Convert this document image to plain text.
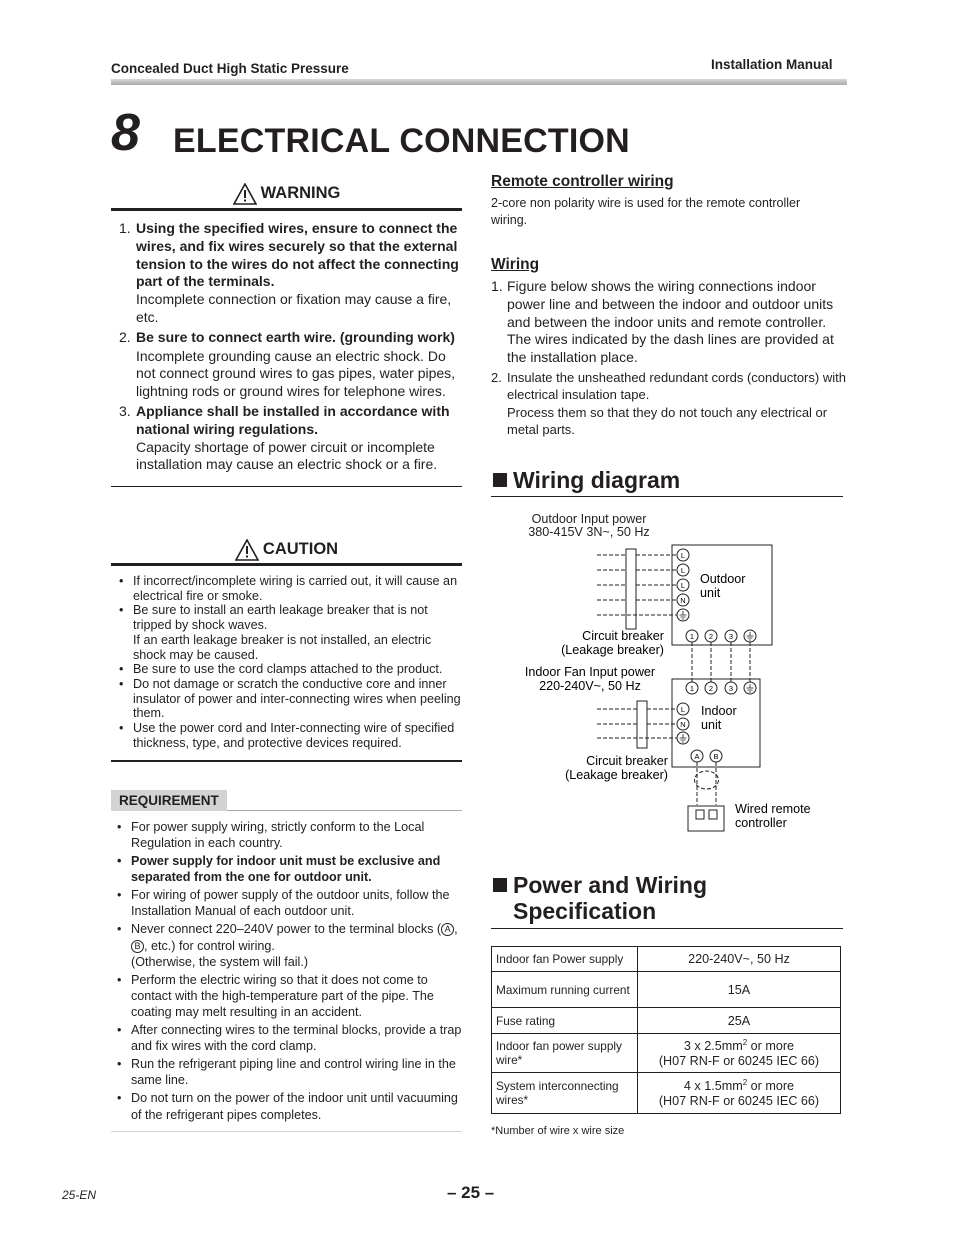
Concealed Duct High Static Pressure	Installation Manual
8 ELECTRICAL CONNECTION
WARNING
1. Using the specified wires, ensure to connect the wires, and fix wires securely so that the external tension to the wires do not affect the connecting part of the terminals.
Incomplete connection or fixation may cause a fire, etc.
2. Be sure to connect earth wire. (grounding work)
Incomplete grounding cause an electric shock. Do not connect ground wires to gas pipes, water pipes, lightning rods or ground wires for telephone wires.
3. Appliance shall be installed in accordance with national wiring regulations.
Capacity shortage of power circuit or incomplete installation may cause an electric shock or a fire.
CAUTION
• If incorrect/incomplete wiring is carried out, it will cause an electrical fire or smoke.
• Be sure to install an earth leakage breaker that is not tripped by shock waves.
If an earth leakage breaker is not installed, an electric shock may be caused.
• Be sure to use the cord clamps attached to the product.
• Do not damage or scratch the conductive core and inner insulator of power and inter-connecting wires when peeling them.
• Use the power cord and Inter-connecting wire of specified thickness, type, and protective devices required.
REQUIREMENT
• For power supply wiring, strictly conform to the Local Regulation in each country.
• Power supply for indoor unit must be exclusive and separated from the one for outdoor unit.
• For wiring of power supply of the outdoor units, follow the Installation Manual of each outdoor unit.
• Never connect 220–240V power to the terminal blocks ( A , B , etc.) for control wiring.
(Otherwise, the system will fail.)
• Perform the electric wiring so that it does not come to contact with the high-temperature part of the pipe. The coating may melt resulting in an accident.
• After connecting wires to the terminal blocks, provide a trap and fix wires with the cord clamp.
• Run the refrigerant piping line and control wiring line in the same line.
• Do not turn on the power of the indoor unit until vacuuming of the refrigerant pipes completes.
Remote controller wiring
2-core non polarity wire is used for the remote controller wiring.
Wiring
1. Figure below shows the wiring connections indoor power line and between the indoor and outdoor units and between the indoor units and remote controller. The wires indicated by the dash lines are provided at the installation place.
2. Insulate the unsheathed redundant cords (conductors) with electrical insulation tape.
Process them so that they do not touch any electrical or metal parts.
Wiring diagram
Outdoor Input power
380-415V 3N~, 50 Hz
Outdoor
unit
L
L
L
N
1 2 3
Circuit breaker
(Leakage breaker)
Indoor Fan Input power
220-240V~, 50 Hz
Indoor
unit
1 2 3
L
N
A B
Circuit breaker
(Leakage breaker)
Wired remote
controller
Power and Wiring
Specification
Indoor fan Power supply	220-240V~, 50 Hz
Maximum running current	15A
Fuse rating	25A
Indoor fan power supply wire*	3 x $2.5mm^2$ or more
(H07 RN-F or 60245 IEC 66)
System interconnecting wires*	4 x $1.5mm^2$ or more
(H07 RN-F or 60245 IEC 66)
*Number of wire x wire size
25-EN	– 25 –
